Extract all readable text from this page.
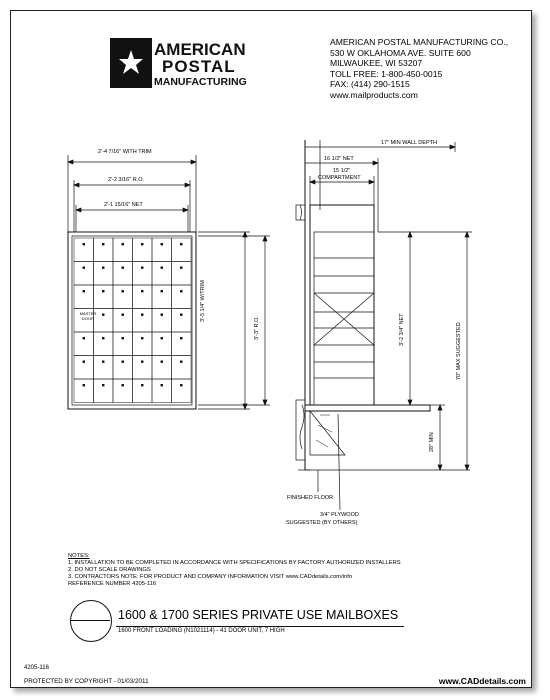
AMERICAN
POSTAL
MANUFACTURING
AMERICAN POSTAL MANUFACTURING CO.,
530 W OKLAHOMA AVE. SUITE 600
MILWAUKEE, WI 53207
TOLL FREE: 1-800-450-0015
FAX: (414) 290-1515
www.mailproducts.com
2'-4 7/16" WITH TRIM
2'-2 3/16" R.O.
2'-1 15/16" NET
3'-5 1/4" W/TRIM
3'-3" R.O.
MASTER
DOOR
17" MIN WALL DEPTH
16 1/2" NET
15 1/2"
COMPARTMENT
3'-2 3/4" NET	70" MAX SUGGESTED
28" MIN
FINISHED FLOOR
3/4" PLYWOOD
SUGGESTED (BY OTHERS)
NOTES:
1. INSTALLATION TO BE COMPLETED IN ACCORDANCE WITH SPECIFICATIONS BY FACTORY AUTHORIZED INSTALLERS
2. DO NOT SCALE DRAWINGS
3. CONTRACTORS NOTE: FOR PRODUCT AND COMPANY INFORMATION VISIT www.CADdetails.com/info
REFERENCE NUMBER 4205-116
1600 & 1700 SERIES PRIVATE USE MAILBOXES
1600 FRONT LOADING (N1021114) - 41 DOOR UNIT, 7 HIGH
4205-116
PROTECTED BY COPYRIGHT - 01/03/2011	www.CADdetails.com
